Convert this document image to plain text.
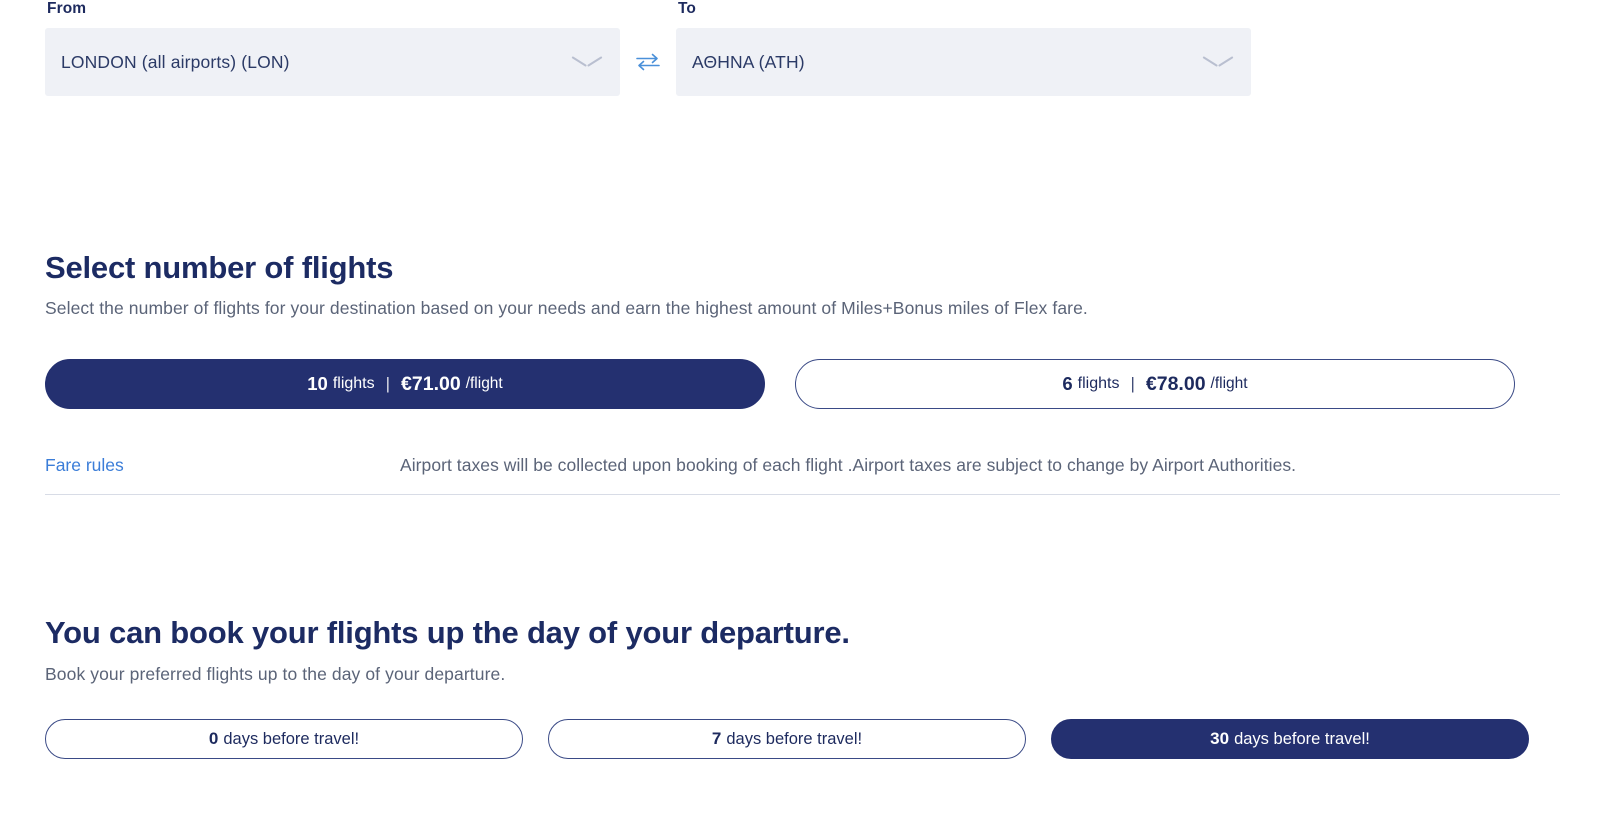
From
LONDON (all airports) (LON)
To
ΑΘΗΝΑ (ATH)
Select number of flights

Select the number of flights for your destination based on your needs and earn the highest amount of Miles+Bonus miles of Flex fare.

10 flights | €71.00 /flight	6 flights | €78.00 /flight
Fare rules	Airport taxes will be collected upon booking of each flight .Airport taxes are subject to change by Airport Authorities.
You can book your flights up the day of your departure.

Book your preferred flights up to the day of your departure.

0 days before travel!	7 days before travel!	30 days before travel!
